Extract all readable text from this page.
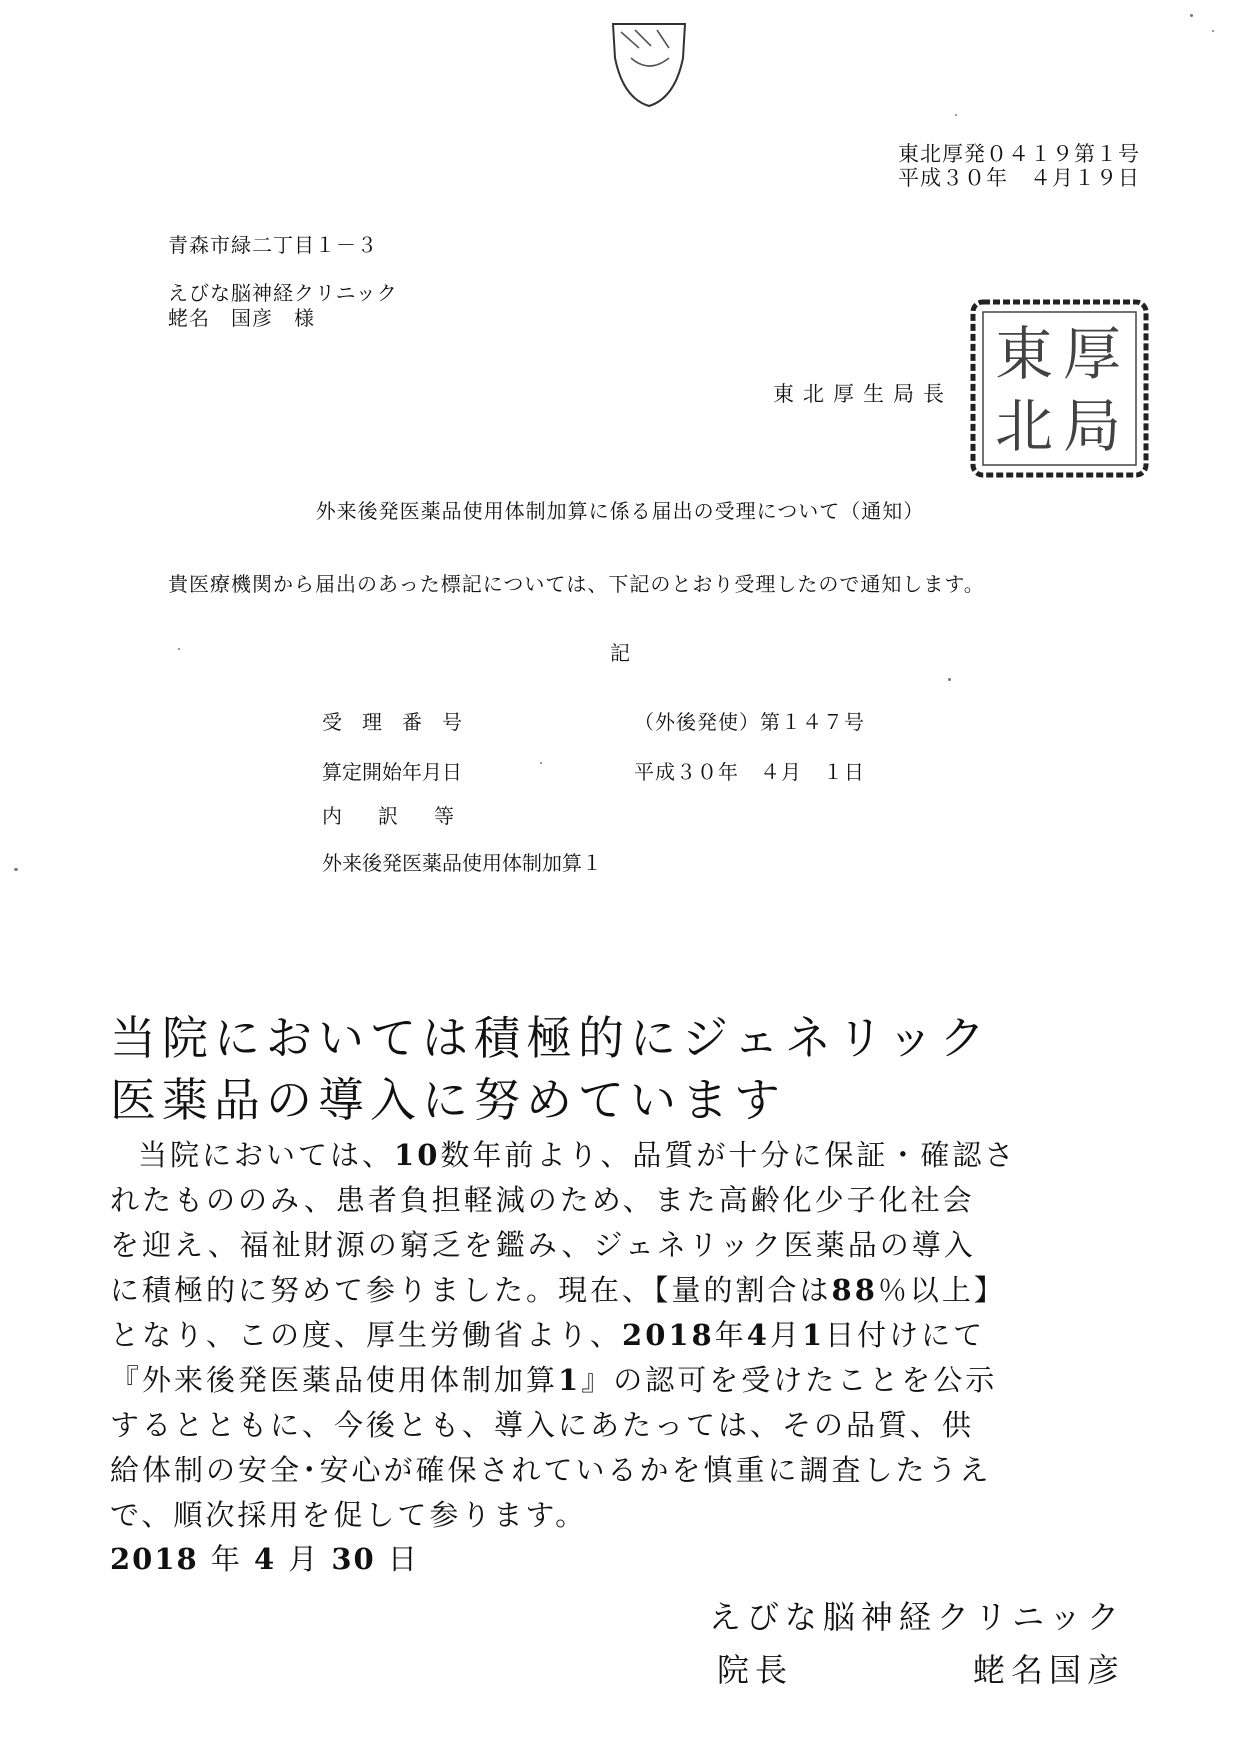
東北厚発０４１９第１号
平成３０年　４月１９日
青森市緑二丁目１－３
えびな脳神経クリニック
蛯名　国彦　様
東北厚生局長
厚
局
東
北
外来後発医薬品使用体制加算に係る届出の受理について（通知）
貴医療機関から届出のあった標記については、下記のとおり受理したので通知します。
記
受理番号	（外後発使）第１４７号
算定開始年月日	平成３０年　４月　１日
内訳等
外来後発医薬品使用体制加算１
当院においては積極的にジェネリック
医薬品の導入に努めています
当院においては、10数年前より、品質が十分に保証・確認さ
れたもののみ、患者負担軽減のため、また高齢化少子化社会
を迎え、福祉財源の窮乏を鑑み、ジェネリック医薬品の導入
に積極的に努めて参りました。現在、【量的割合は88％以上】
となり、この度、厚生労働省より、2018年4月1日付けにて
『外来後発医薬品使用体制加算1』の認可を受けたことを公示
するとともに、今後とも、導入にあたっては、その品質、供
給体制の安全･安心が確保されているかを慎重に調査したうえ
で、順次採用を促して参ります。
2018 年 4 月 30 日
えびな脳神経クリニック
院長	蛯名国彦
